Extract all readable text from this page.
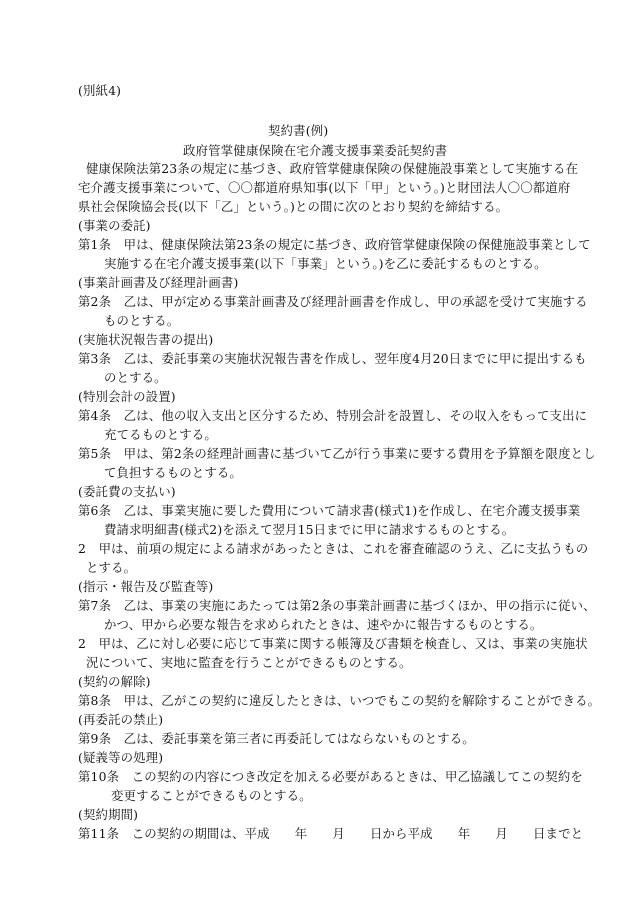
(別紙4)
契約書(例)
政府管掌健康保険在宅介護支援事業委託契約書
健康保険法第23条の規定に基づき、政府管掌健康保険の保健施設事業として実施する在
宅介護支援事業について、〇〇都道府県知事(以下「甲」という。)と財団法人〇〇都道府
県社会保険協会長(以下「乙」という。)との間に次のとおり契約を締結する。
(事業の委託)
第1条　甲は、健康保険法第23条の規定に基づき、政府管掌健康保険の保健施設事業として
実施する在宅介護支援事業(以下「事業」という。)を乙に委託するものとする。
(事業計画書及び経理計画書)
第2条　乙は、甲が定める事業計画書及び経理計画書を作成し、甲の承認を受けて実施する
ものとする。
(実施状況報告書の提出)
第3条　乙は、委託事業の実施状況報告書を作成し、翌年度4月20日までに甲に提出するも
のとする。
(特別会計の設置)
第4条　乙は、他の収入支出と区分するため、特別会計を設置し、その収入をもって支出に
充てるものとする。
第5条　甲は、第2条の経理計画書に基づいて乙が行う事業に要する費用を予算額を限度とし
て負担するものとする。
(委託費の支払い)
第6条　乙は、事業実施に要した費用について請求書(様式1)を作成し、在宅介護支援事業
費請求明細書(様式2)を添えて翌月15日までに甲に請求するものとする。
2　甲は、前項の規定による請求があったときは、これを審査確認のうえ、乙に支払うもの
とする。
(指示・報告及び監査等)
第7条　乙は、事業の実施にあたっては第2条の事業計画書に基づくほか、甲の指示に従い、
かつ、甲から必要な報告を求められたときは、速やかに報告するものとする。
2　甲は、乙に対し必要に応じて事業に関する帳簿及び書類を検査し、又は、事業の実施状
況について、実地に監査を行うことができるものとする。
(契約の解除)
第8条　甲は、乙がこの契約に違反したときは、いつでもこの契約を解除することができる。
(再委託の禁止)
第9条　乙は、委託事業を第三者に再委託してはならないものとする。
(疑義等の処理)
第10条　この契約の内容につき改定を加える必要があるときは、甲乙協議してこの契約を
変更することができるものとする。
(契約期間)
第11条　この契約の期間は、平成　　年　　月　　日から平成　　年　　月　　日までと
